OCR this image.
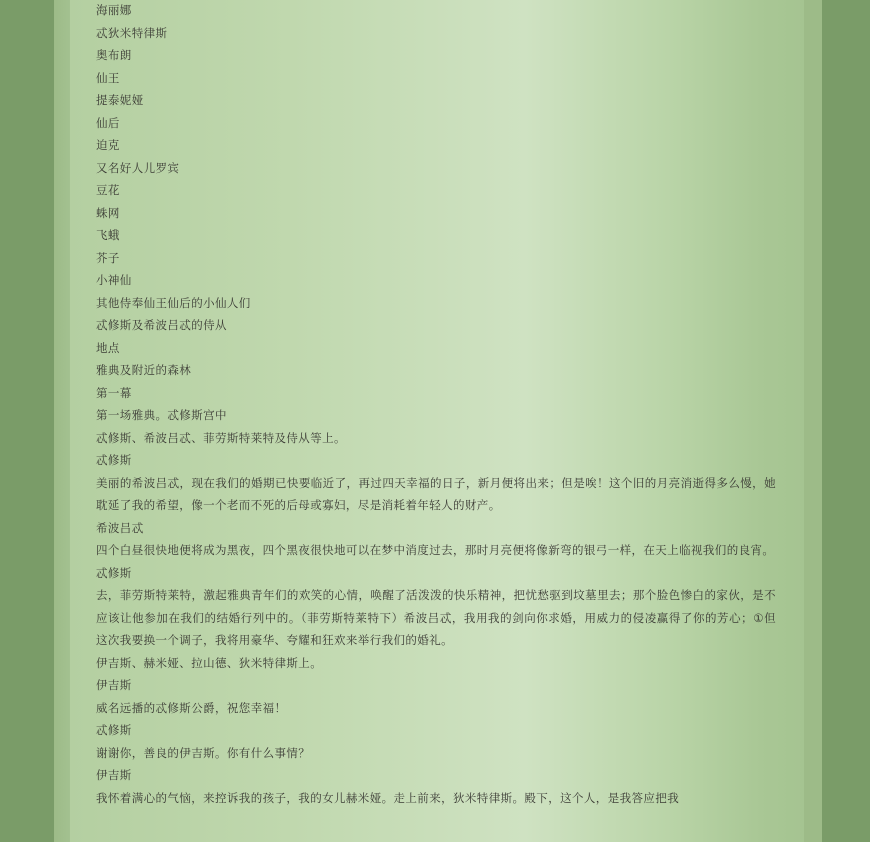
海丽娜
忒狄米特律斯
奥布朗
仙王
提泰妮娅
仙后
迫克
又名好人儿罗宾
豆花
蛛网
飞蛾
芥子
小神仙
其他侍奉仙王仙后的小仙人们
忒修斯及希波吕忒的侍从
地点
雅典及附近的森林
第一幕
第一场雅典。忒修斯宫中
忒修斯、希波吕忒、菲劳斯特莱特及侍从等上。
忒修斯
美丽的希波吕忒，现在我们的婚期已快要临近了，再过四天幸福的日子，新月便将出来；但是唉！这个旧的月亮消逝得多么慢，她耽延了我的希望，像一个老而不死的后母或寡妇，尽是消耗着年轻人的财产。
希波吕忒
四个白昼很快地便将成为黑夜，四个黑夜很快地可以在梦中消度过去，那时月亮便将像新弯的银弓一样，在天上临视我们的良宵。
忒修斯
去，菲劳斯特莱特，激起雅典青年们的欢笑的心情，唤醒了活泼泼的快乐精神，把忧愁驱到坟墓里去；那个脸色惨白的家伙，是不应该让他参加在我们的结婚行列中的。（菲劳斯特莱特下）希波吕忒，我用我的剑向你求婚，用威力的侵凌赢得了你的芳心；①但这次我要换一个调子，我将用豪华、夸耀和狂欢来举行我们的婚礼。
伊吉斯、赫米娅、拉山德、狄米特律斯上。
伊吉斯
威名远播的忒修斯公爵，祝您幸福！
忒修斯
谢谢你，善良的伊吉斯。你有什么事情？
伊吉斯
我怀着满心的气恼，来控诉我的孩子，我的女儿赫米娅。走上前来，狄米特律斯。殿下，这个人，是我答应把我
